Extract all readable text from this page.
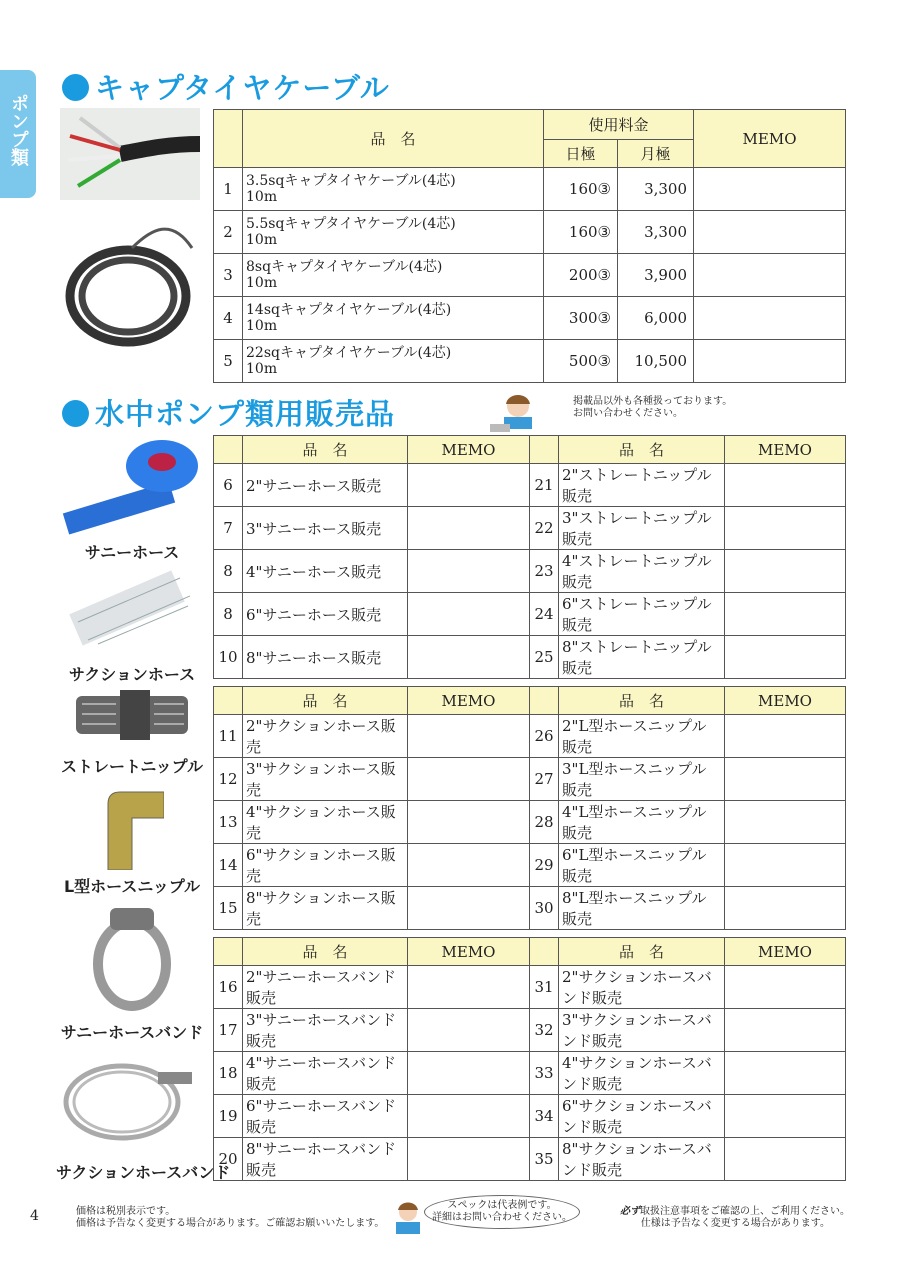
ポンプ類
キャプタイヤケーブル
	品　名	使用料金		MEMO
		日極	月極	
1	3.5sqキャプタイヤケーブル(4芯)
10m	160③	3,300	
2	5.5sqキャプタイヤケーブル(4芯)
10m	160③	3,300	
3	8sqキャプタイヤケーブル(4芯)
10m	200③	3,900	
4	14sqキャプタイヤケーブル(4芯)
10m	300③	6,000	
5	22sqキャプタイヤケーブル(4芯)
10m	500③	10,500	
水中ポンプ類用販売品	掲載品以外も各種扱っております。
お問い合わせください。
サニーホース
サクションホース
ストレートニップル
L型ホースニップル
サニーホースバンド
サクションホースバンド
	品　名	MEMO		品　名	MEMO
6	2"サニーホース販売		21	2"ストレートニップル販売	
7	3"サニーホース販売		22	3"ストレートニップル販売	
8	4"サニーホース販売		23	4"ストレートニップル販売	
8	6"サニーホース販売		24	6"ストレートニップル販売	
10	8"サニーホース販売		25	8"ストレートニップル販売	
	品　名	MEMO		品　名	MEMO
11	2"サクションホース販売		26	2"L型ホースニップル販売	
12	3"サクションホース販売		27	3"L型ホースニップル販売	
13	4"サクションホース販売		28	4"L型ホースニップル販売	
14	6"サクションホース販売		29	6"L型ホースニップル販売	
15	8"サクションホース販売		30	8"L型ホースニップル販売	
	品　名	MEMO		品　名	MEMO
16	2"サニーホースバンド販売		31	2"サクションホースバンド販売	
17	3"サニーホースバンド販売		32	3"サクションホースバンド販売	
18	4"サニーホースバンド販売		33	4"サクションホースバンド販売	
19	6"サニーホースバンド販売		34	6"サクションホースバンド販売	
20	8"サニーホースバンド販売		35	8"サクションホースバンド販売	
4	価格は税別表示です。
価格は予告なく変更する場合があります。ご確認お願いいたします。
スペックは代表例です。
詳細はお問い合わせください。
必ず取扱注意事項をご確認の上、ご利用ください。
仕様は予告なく変更する場合があります。
